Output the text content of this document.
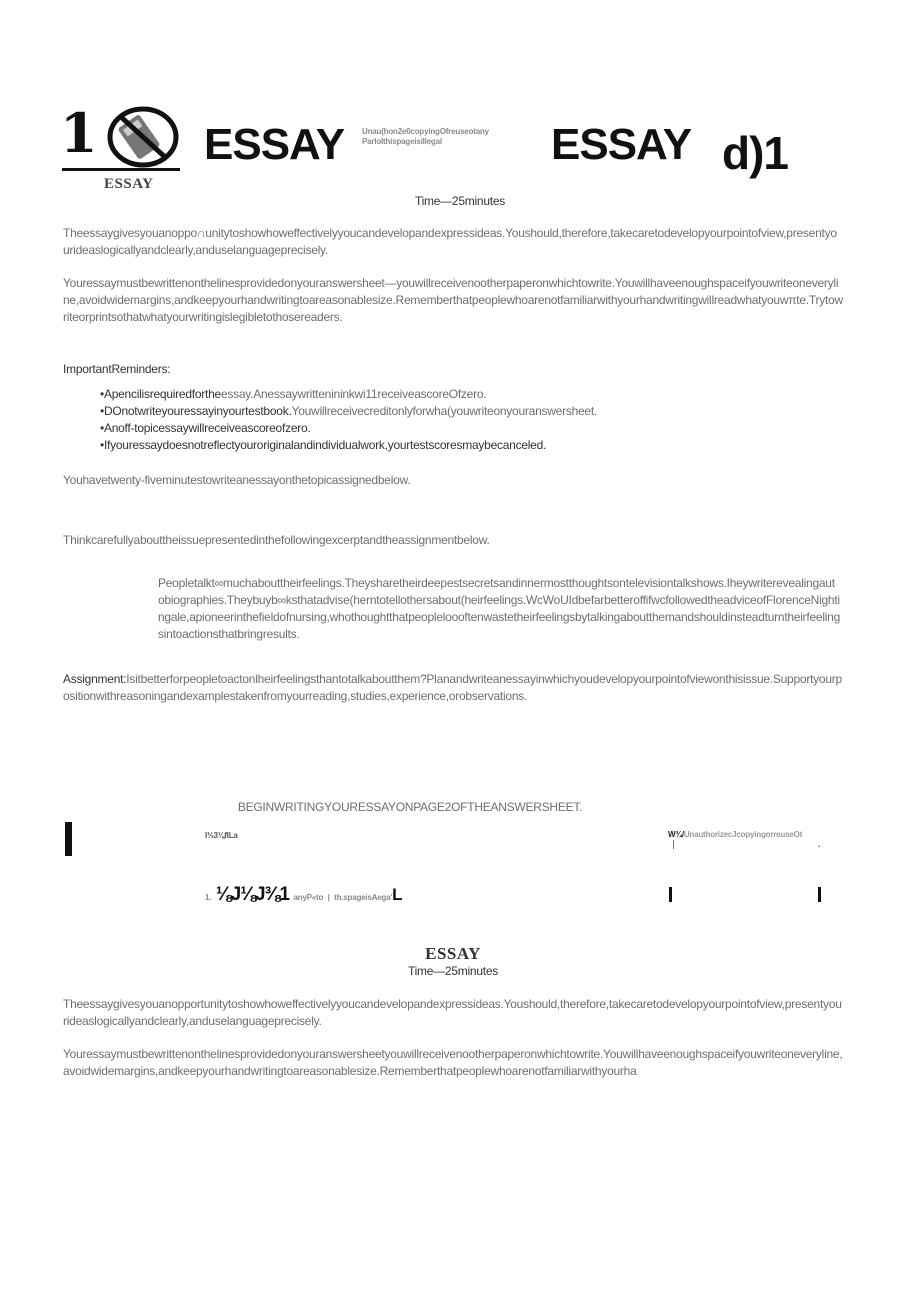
1
ESSAY
ESSAY Unau(hon2e0copyingOfreuseotany
Parlolthispageisillegal	ESSAY d)1
Time—25minutes
Theessaygivesyouanoppo∩unitytoshowhoweffectivelyyoucandevelopandexpressideas.Youshould,therefore,takecaretodevelopyourpointofview,presentyourideaslogicallyandclearly,anduselanguageprecisely.
Youressaymustbewrittenonthelinesprovidedonyouranswersheet—youwillreceivenootherpaperonwhichtowrite.Youwillhaveenoughspaceifyouwriteoneveryline,avoidwidemargins,andkeepyourhandwritingtoareasonablesize.Rememberthatpeoplewhoarenotfamiliarwithyourhandwritingwillreadwhatyouwπte.Trytowriteorprintsothatwhatyourwritingislegibletothosereaders.
ImportantReminders:
•Apencilisrequiredfortheessay.Anessaywrittenininkwi11receiveascoreOfzero.
•DOnotwriteyouressayinyourtestbook.Youwillreceivecreditonlyforwha(youwriteonyouranswersheet.
•Anoff-topicessaywillreceiveascoreofzero.
•Ifyouressaydoesnotreflectyouroriginalandindividualwork,yourtestscoresmaybecanceled.
Youhavetwenty-fiveminutestowriteanessayonthetopicassignedbelow.
Thinkcarefullyabouttheissuepresentedinthefollowingexcerptandtheassignmentbelow.
Peopletalkt∞muchabouttheirfeelings.Theysharetheirdeepestsecretsandinnermostthoughtsontelevisiontalkshows.Iheywriterevealingautobiographies.Theybuyb∞ksthatadvise(herntotellothersabout(heirfeelings.WcWoUIdbefarbetteroffifwcfollowedtheadviceofFlorenceNightingale,apioneerinthefieldofnursing,whothoughtthatpeopleloooftenwastetheirfeelingsbytalkingaboutthemandshouldinsteadturntheirfeelingsintoactionsthatbringresults.
Assignment:Isitbetterforpeopletoactonlheirfeelingsthantotalkaboutthem?Planandwriteanessayinwhichyoudevelopyourpointofviewonthisissue.Supportyourpositionwithreasoningandexamplestakenfromyourreading,studies,experience,orobservations.
BEGINWRITINGYOURESSAYONPAGE2OFTHEANSWERSHEET.
I⅓3⅛fILa	W¾/UnauthorizecJcopyingorreuseOt
.
1. ⅛J⅛J⅜1 anyP«to | th.spageisAega'L
ESSAY
Time—25minutes
Theessaygivesyouanopportunitytoshowhoweffectivelyyoucandevelopandexpressideas.Youshould,therefore,takecaretodevelopyourpointofview,presentyourideaslogicallyandclearly,anduselanguageprecisely.
Youressaymustbewrittenonthelinesprovidedonyouranswersheetyouwillreceivenootherpaperonwhichtowrite.Youwillhaveenoughspaceifyouwriteoneveryline,avoidwidemargins,andkeepyourhandwritingtoareasonablesize.Rememberthatpeoplewhoarenotfamiliarwithyourha
